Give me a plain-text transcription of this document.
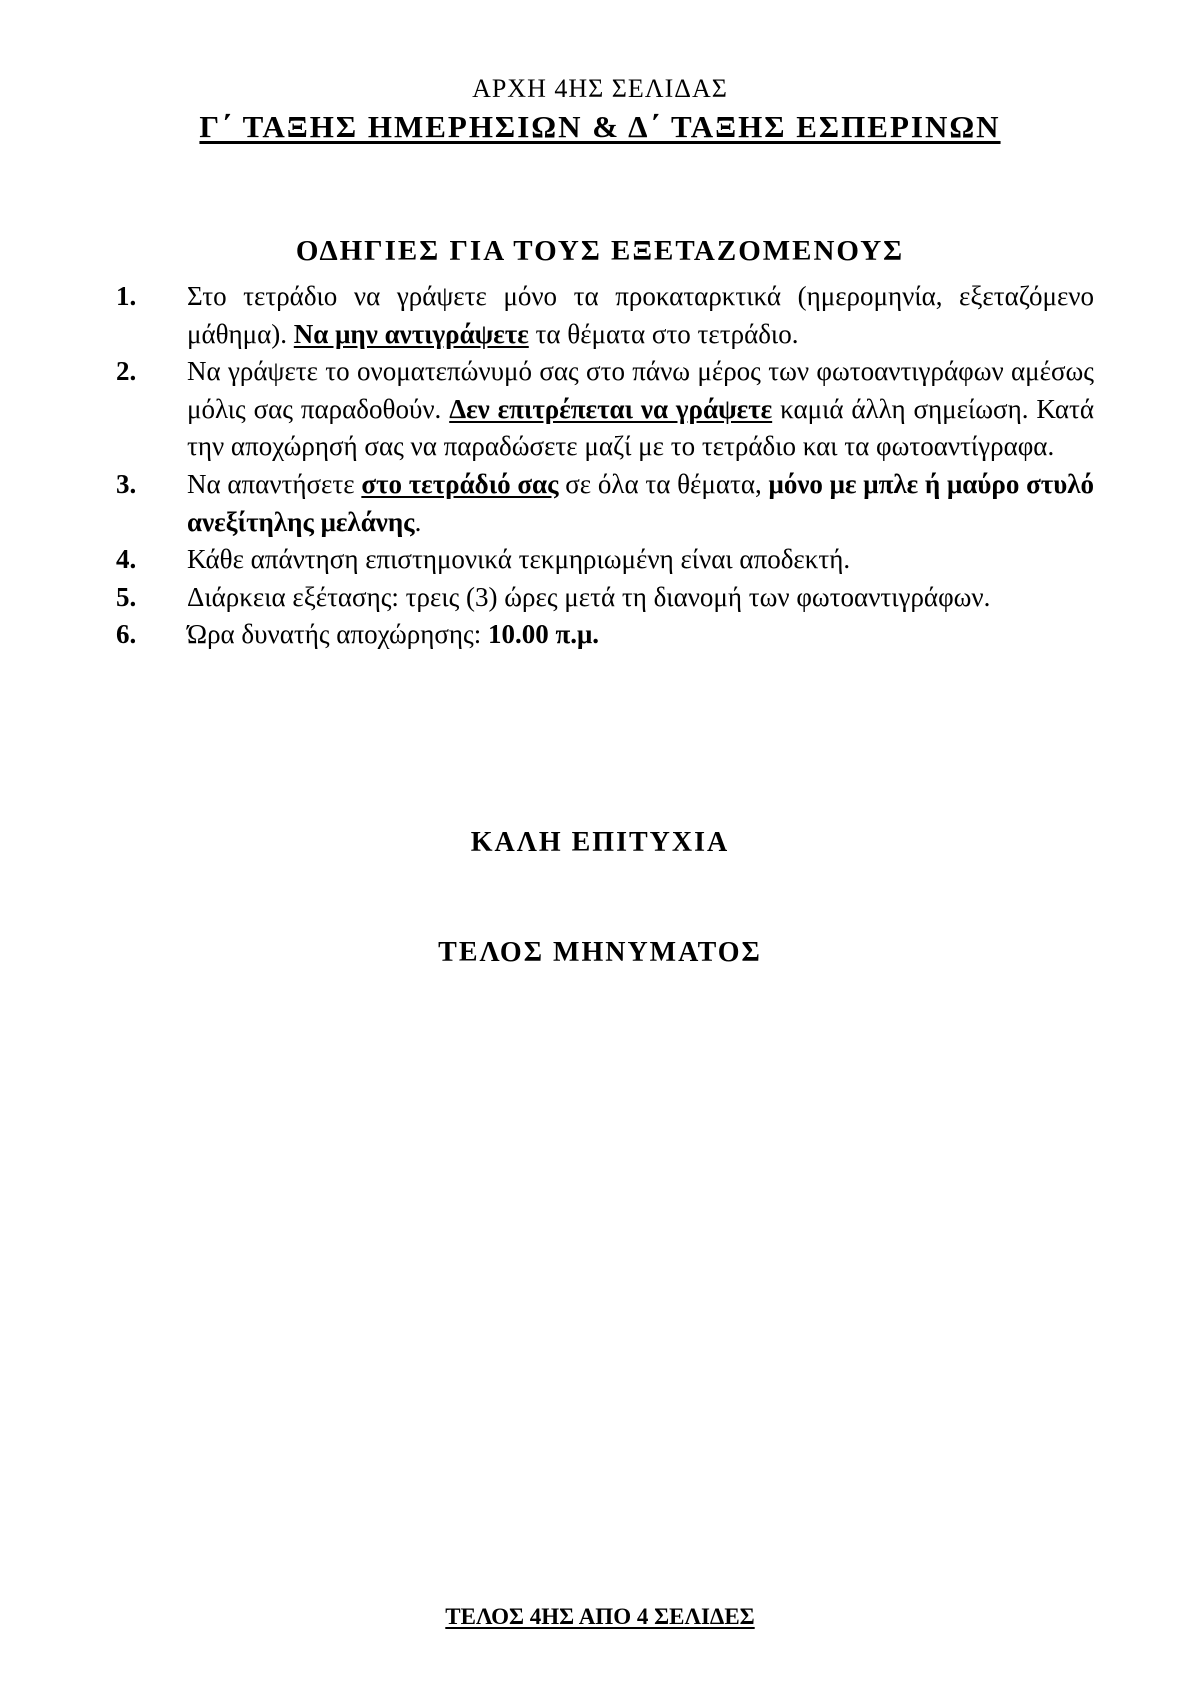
ΑΡΧΗ 4ΗΣ ΣΕΛΙΔΑΣ
Γ΄ ΤΑΞΗΣ ΗΜΕΡΗΣΙΩΝ & Δ΄ ΤΑΞΗΣ ΕΣΠΕΡΙΝΩΝ
ΟΔΗΓΙΕΣ ΓΙΑ ΤΟΥΣ ΕΞΕΤΑΖΟΜΕΝΟΥΣ
1. Στο τετράδιο να γράψετε μόνο τα προκαταρκτικά (ημερομηνία, εξεταζόμενο μάθημα). Να μην αντιγράψετε τα θέματα στο τετράδιο.
2. Να γράψετε το ονοματεπώνυμό σας στο πάνω μέρος των φωτοαντιγράφων αμέσως μόλις σας παραδοθούν. Δεν επιτρέπεται να γράψετε καμιά άλλη σημείωση. Κατά την αποχώρησή σας να παραδώσετε μαζί με το τετράδιο και τα φωτοαντίγραφα.
3. Να απαντήσετε στο τετράδιό σας σε όλα τα θέματα, μόνο με μπλε ή μαύρο στυλό ανεξίτηλης μελάνης.
4. Κάθε απάντηση επιστημονικά τεκμηριωμένη είναι αποδεκτή.
5. Διάρκεια εξέτασης: τρεις (3) ώρες μετά τη διανομή των φωτοαντιγράφων.
6. Ώρα δυνατής αποχώρησης: 10.00 π.μ.
ΚΑΛΗ ΕΠΙΤΥΧΙΑ
ΤΕΛΟΣ ΜΗΝΥΜΑΤΟΣ
ΤΕΛΟΣ 4ΗΣ ΑΠΟ 4 ΣΕΛΙΔΕΣ
